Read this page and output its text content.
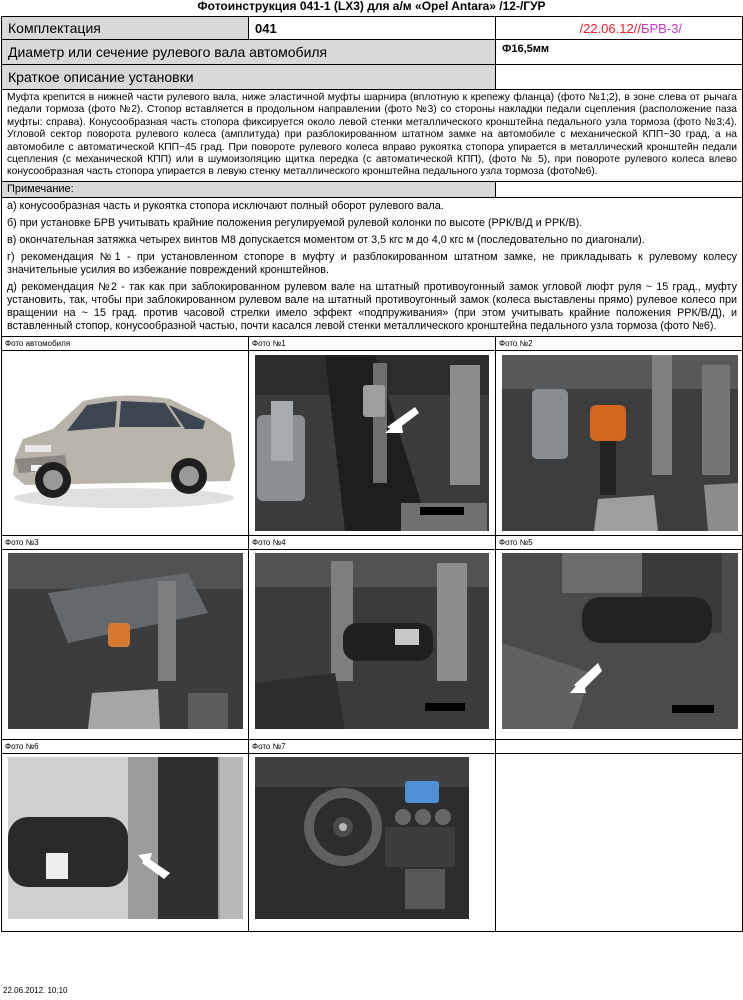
Фотоинструкция 041-1 (LX3) для а/м «Opel Antara» /12-/ГУР
Комплектация	041	/22.06.12//БРВ-3/
Диаметр или сечение рулевого вала автомобиля		Ф16,5мм
Краткое описание установки		
Муфта крепится в нижней части рулевого вала, ниже эластичной муфты шарнира (вплотную к крепежу фланца) (фото №1;2), в зоне слева от рычага педали тормоза (фото №2). Стопор вставляется в продольном направлении (фото №3) со стороны накладки педали сцепления (расположение паза муфты: справа). Конусообразная часть стопора фиксируется около левой стенки металлического кронштейна педального узла тормоза (фото №3;4). Угловой сектор поворота рулевого колеса (амплитуда) при разблокированном штатном замке на автомобиле с механической КПП~30 град, а на автомобиле с автоматической КПП~45 град. При повороте рулевого колеса вправо рукоятка стопора упирается в металлический кронштейн педали сцепления (с механической КПП) или в шумоизоляцию щитка передка (с автоматической КПП), (фото № 5), при повороте рулевого колеса влево конусообразная часть стопора упирается в левую стенку металлического кронштейна педального узла тормоза (фото№6).		
Примечание:		

а) конусообразная часть и рукоятка стопора исключают полный оборот рулевого вала.

б) при установке БРВ учитывать крайние положения регулируемой рулевой колонки по высоте (РРК/В/Д и РРК/В).

в) окончательная затяжка четырех винтов М8 допускается моментом от 3,5 кгс м до 4,0 кгс м (последовательно по диагонали).

г) рекомендация №1 - при установленном стопоре в муфту и разблокированном штатном замке, не прикладывать к рулевому колесу значительные усилия во избежание повреждений кронштейнов.

д) рекомендация №2 - так как при заблокированном рулевом вале на штатный противоугонный замок угловой люфт руля ~ 15 град., муфту установить, так, чтобы при заблокированном рулевом вале на штатный противоугонный замок (колеса выставлены прямо) рулевое колесо при вращении на ~ 15 град. против часовой стрелки имело эффект «подпруживания» (при этом учитывать крайние положения РРК/В/Д), и вставленный стопор, конусообразной частью, почти касался левой стенки металлического кронштейна педального узла тормоза (фото №6).		

Фото автомобиля	Фото №1	Фото №2

ANTARA

Фото №3	Фото №4	Фото №5

Фото №6	Фото №7	

22.06.2012. 10:10
